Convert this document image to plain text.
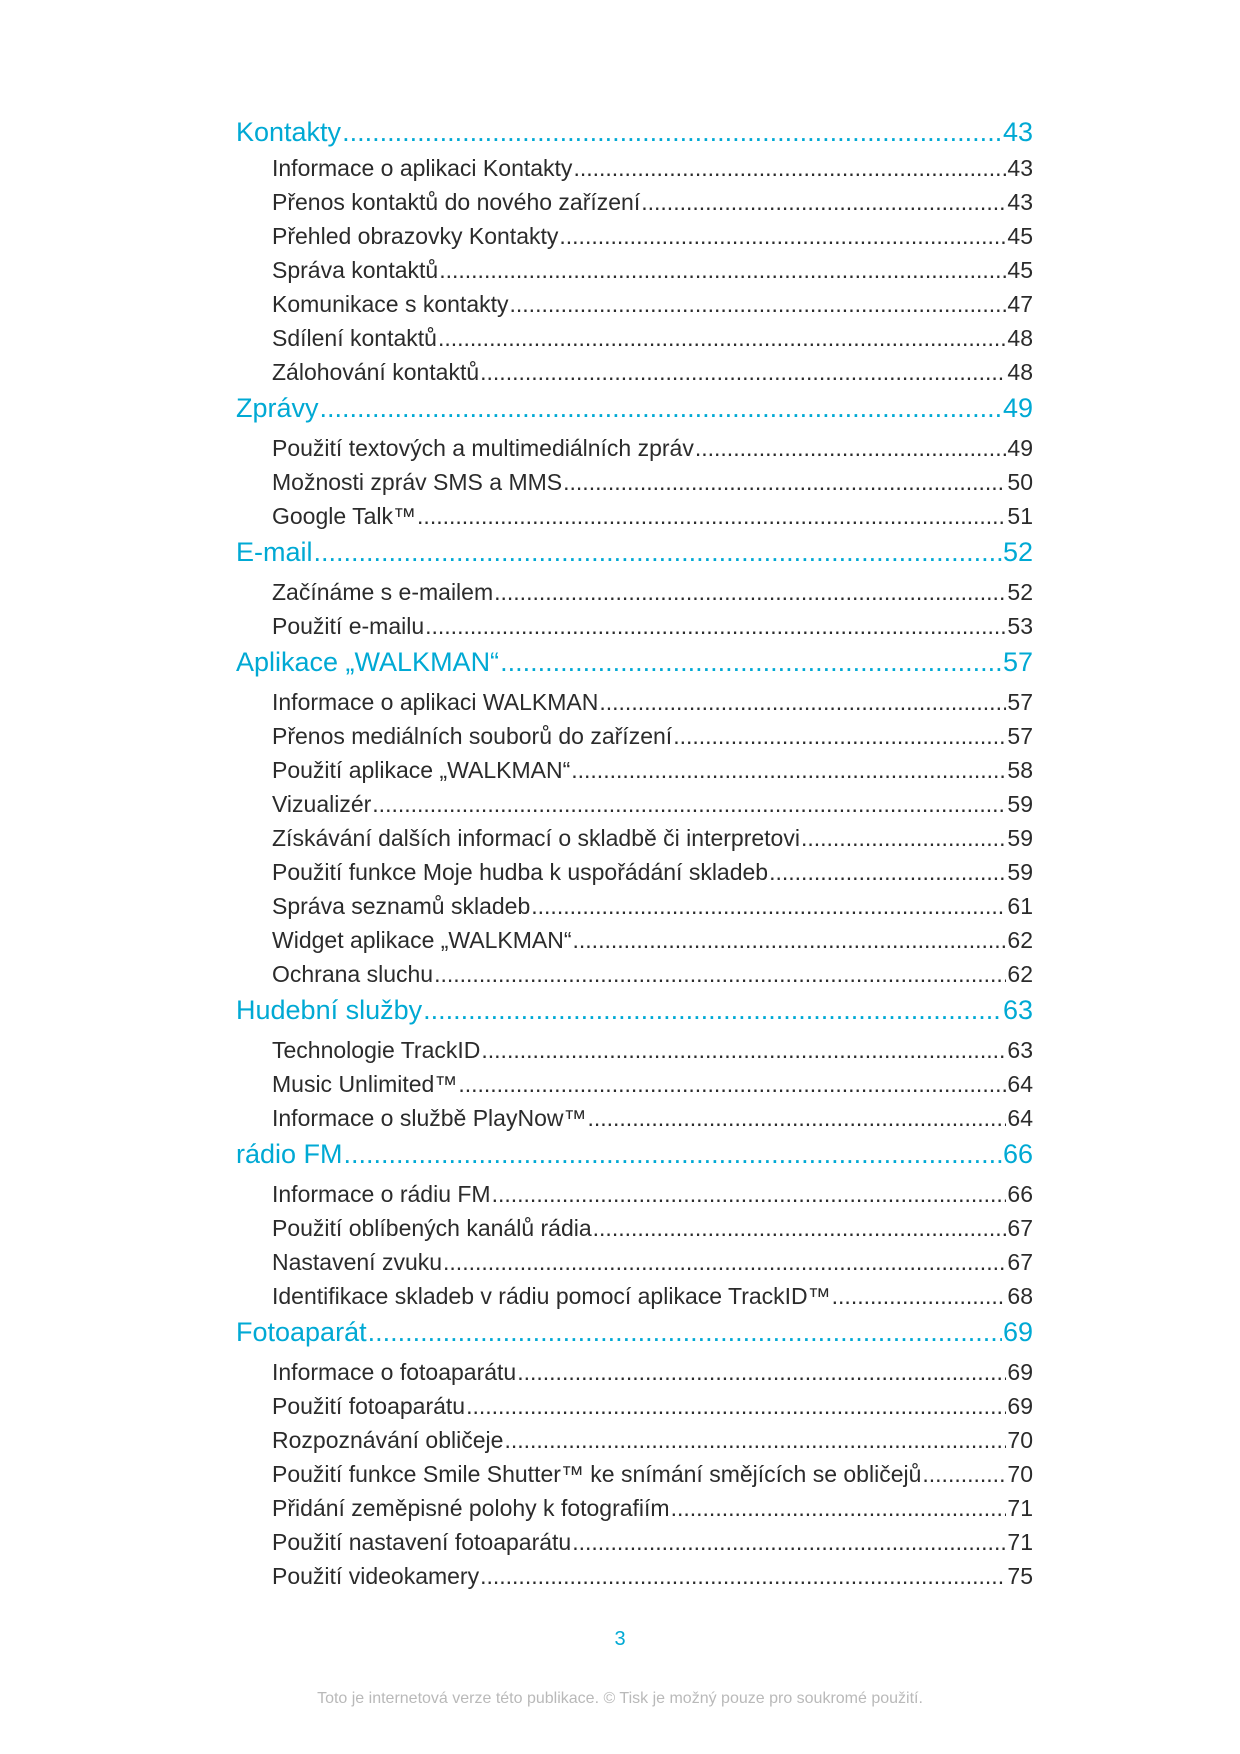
Kontakty .....	43
Informace o aplikaci Kontakty .....	43
Přenos kontaktů do nového zařízení .....	43
Přehled obrazovky Kontakty .....	45
Správa kontaktů .....	45
Komunikace s kontakty .....	47
Sdílení kontaktů .....	48
Zálohování kontaktů .....	48
Zprávy .....	49
Použití textových a multimediálních zpráv .....	49
Možnosti zpráv SMS a MMS .....	50
Google Talk™ .....	51
E-mail .....	52
Začínáme s e-mailem .....	52
Použití e-mailu .....	53
Aplikace „WALKMAN“ .....	57
Informace o aplikaci WALKMAN .....	57
Přenos mediálních souborů do zařízení .....	57
Použití aplikace „WALKMAN“ .....	58
Vizualizér .....	59
Získávání dalších informací o skladbě či interpretovi .....	59
Použití funkce Moje hudba k uspořádání skladeb .....	59
Správa seznamů skladeb .....	61
Widget aplikace „WALKMAN“ .....	62
Ochrana sluchu .....	62
Hudební služby .....	63
Technologie TrackID .....	63
Music Unlimited™ .....	64
Informace o službě PlayNow™ .....	64
rádio FM .....	66
Informace o rádiu FM .....	66
Použití oblíbených kanálů rádia .....	67
Nastavení zvuku .....	67
Identifikace skladeb v rádiu pomocí aplikace TrackID™ .....	68
Fotoaparát .....	69
Informace o fotoaparátu .....	69
Použití fotoaparátu .....	69
Rozpoznávání obličeje .....	70
Použití funkce Smile Shutter™ ke snímání smějících se obličejů .....	70
Přidání zeměpisné polohy k fotografiím .....	71
Použití nastavení fotoaparátu .....	71
Použití videokamery .....	75
3
Toto je internetová verze této publikace. © Tisk je možný pouze pro soukromé použití.
